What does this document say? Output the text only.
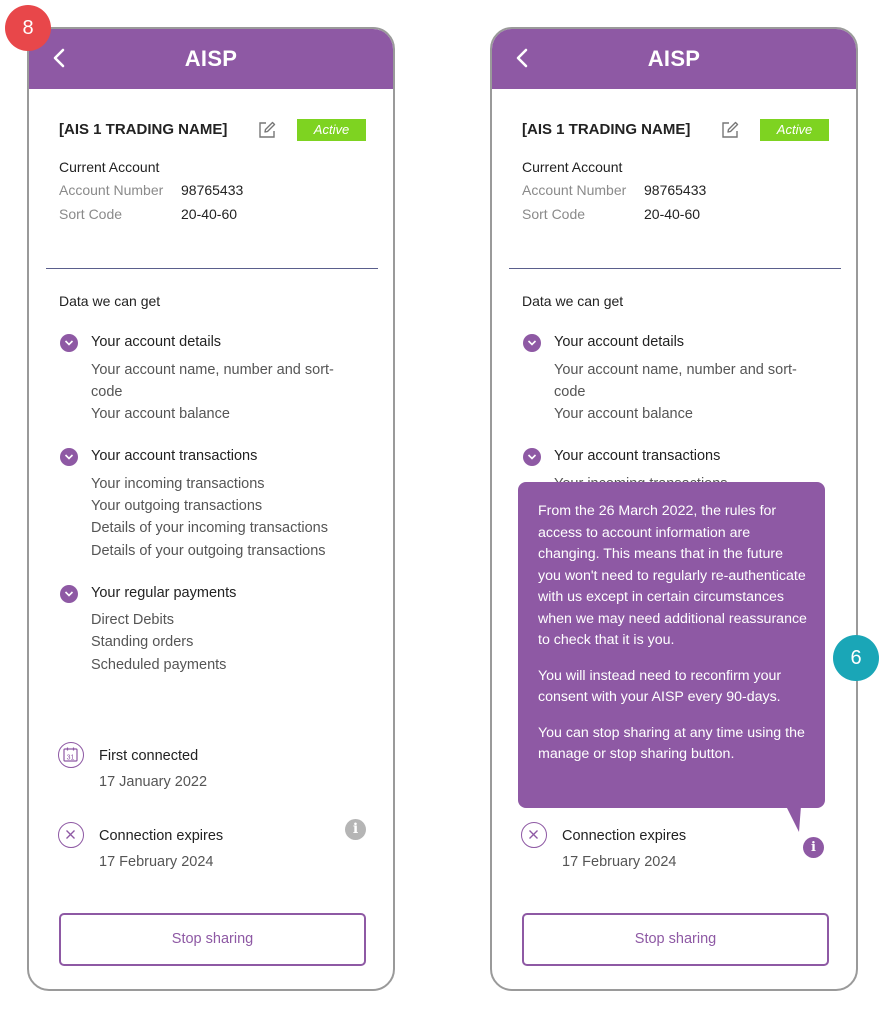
AISP
[AIS 1 TRADING NAME]	Active
Current Account
Account Number 98765433
Sort Code	20-40-60
Data we can get
Your account details
Your account name, number and sort-
code
Your account balance
Your account transactions
Your incoming transactions
Your outgoing transactions
Details of your incoming transactions
Details of your outgoing transactions
Your regular payments
Direct Debits
Standing orders
Scheduled payments
31 First connected
17 January 2022
Connection expires
17 February 2024
i
Stop sharing
AISP
[AIS 1 TRADING NAME]	Active
Current Account
Account Number 98765433
Sort Code	20-40-60
Data we can get
Your account details
Your account name, number and sort-
code
Your account balance
Your account transactions

From the 26 March 2022, the rules for access to account information are changing. This means that in the future you won't need to regularly re-authenticate with us except in certain circumstances when we may need additional reassurance to check that it is you.

You will instead need to reconfirm your consent with your AISP every 90-days.

You can stop sharing at any time using the manage or stop sharing button.

Connection expires
17 February 2024
i
Stop sharing
8
6
